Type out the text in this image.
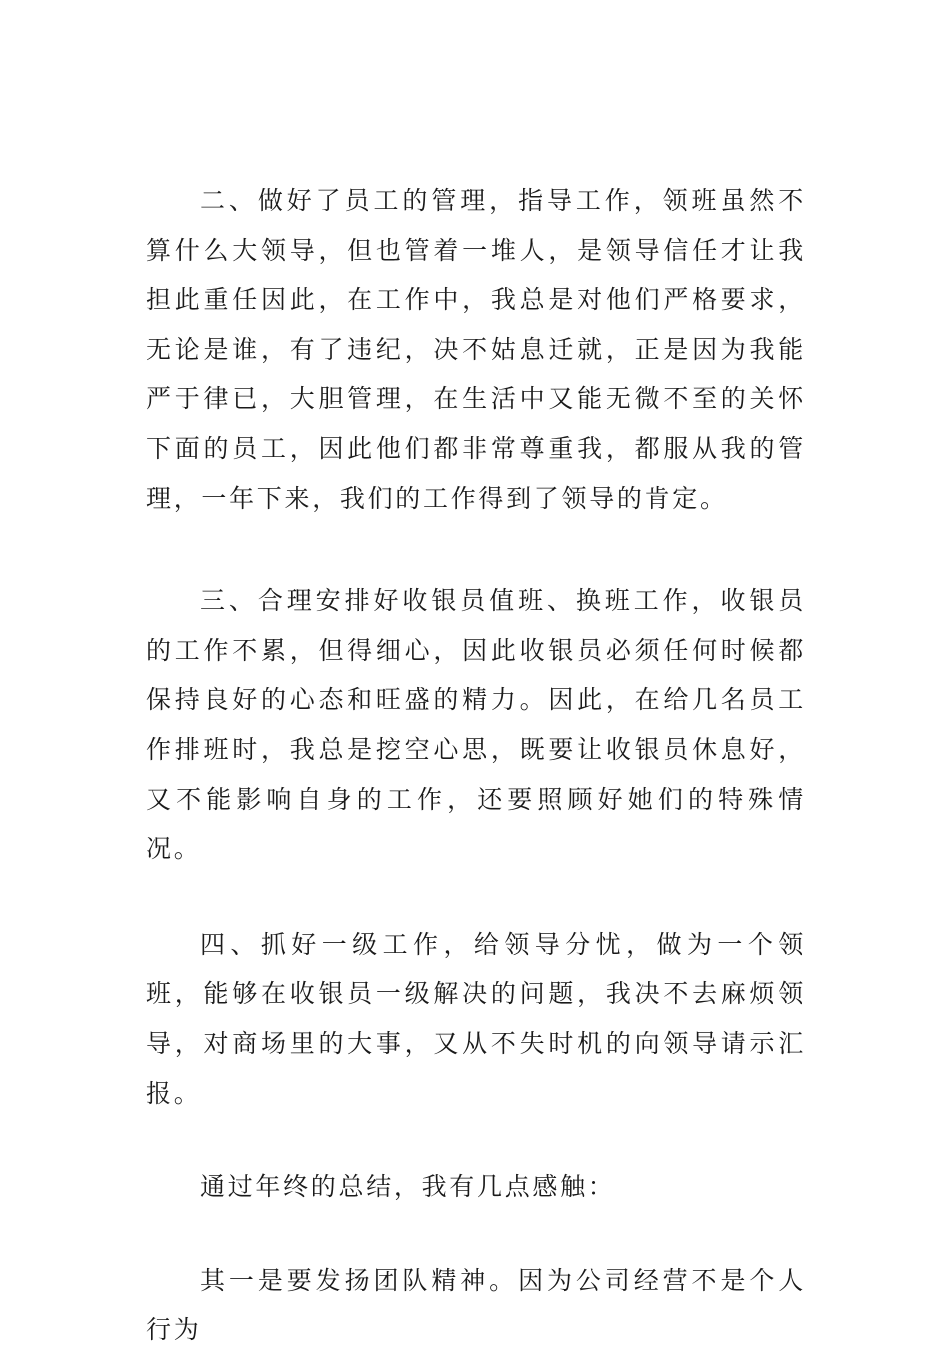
二、做好了员工的管理，指导工作，领班虽然不算什么大领导，但也管着一堆人，是领导信任才让我担此重任因此，在工作中，我总是对他们严格要求，无论是谁，有了违纪，决不姑息迁就，正是因为我能严于律已，大胆管理，在生活中又能无微不至的关怀下面的员工，因此他们都非常尊重我，都服从我的管理，一年下来，我们的工作得到了领导的肯定。

三、合理安排好收银员值班、换班工作，收银员的工作不累，但得细心，因此收银员必须任何时候都保持良好的心态和旺盛的精力。因此，在给几名员工作排班时，我总是挖空心思，既要让收银员休息好，又不能影响自身的工作，还要照顾好她们的特殊情况。

四、抓好一级工作，给领导分忧，做为一个领班，能够在收银员一级解决的问题，我决不去麻烦领导，对商场里的大事，又从不失时机的向领导请示汇报。

通过年终的总结，我有几点感触：

其一是要发扬团队精神。因为公司经营不是个人行为
